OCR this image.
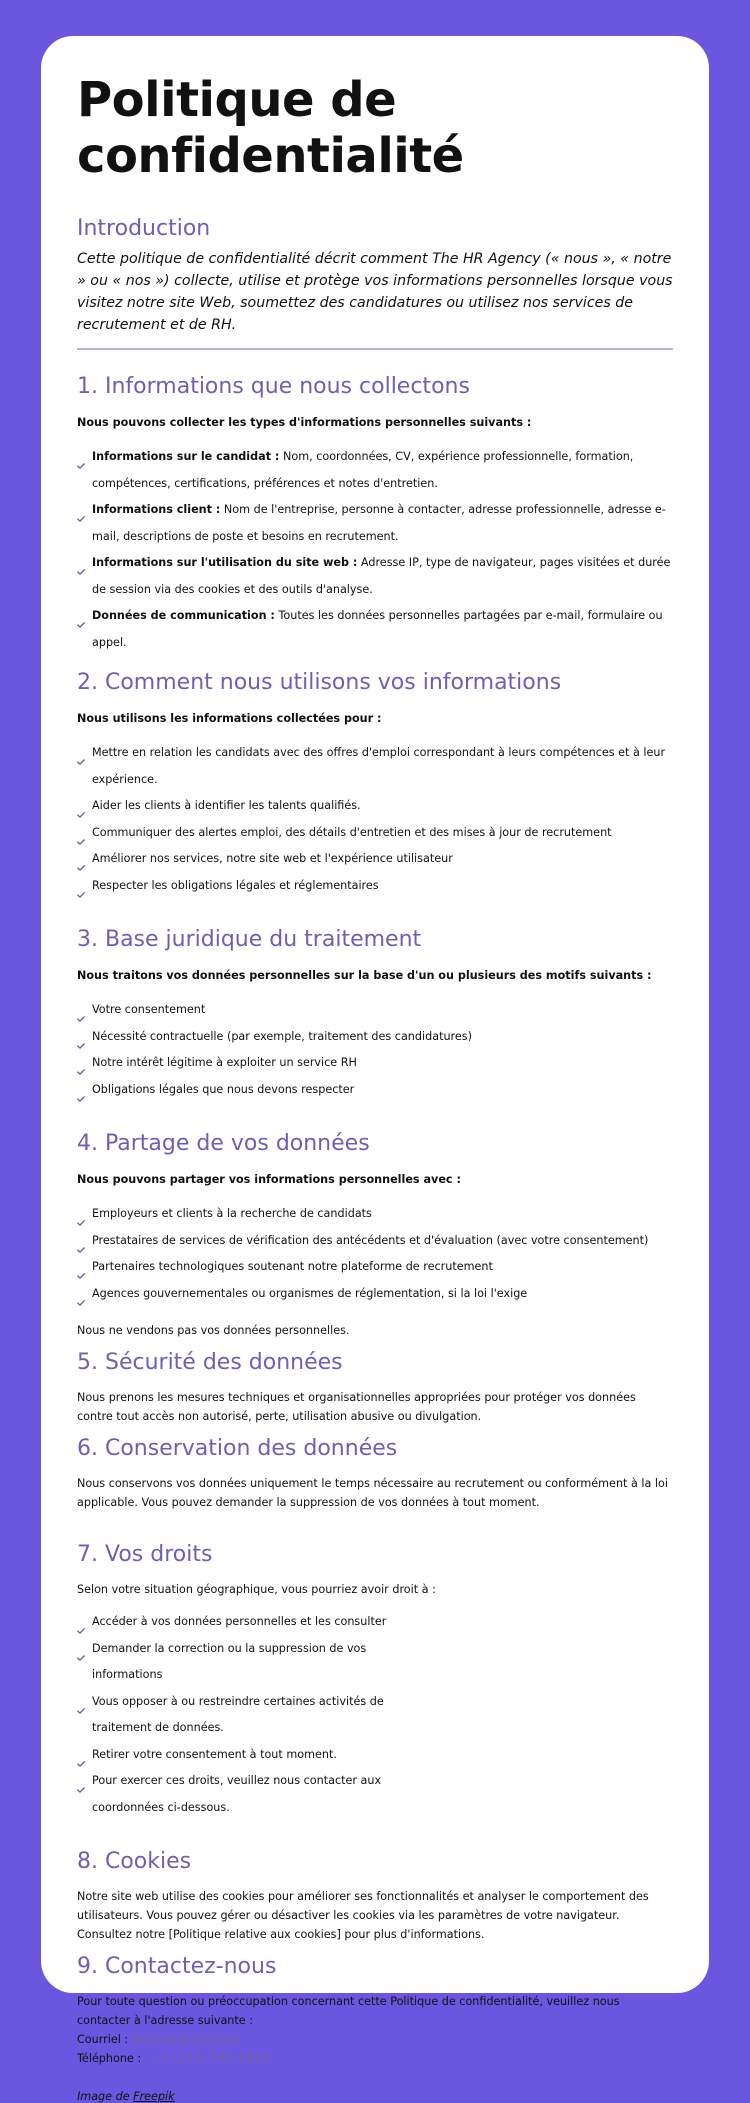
Politique de confidentialité
Introduction

Cette politique de confidentialité décrit comment The HR Agency (« nous », « notre » ou « nos ») collecte, utilise et protège vos informations personnelles lorsque vous visitez notre site Web, soumettez des candidatures ou utilisez nos services de recrutement et de RH.

1. Informations que nous collectons

Nous pouvons collecter les types d'informations personnelles suivants :

Informations sur le candidat : Nom, coordonnées, CV, expérience professionnelle, formation, compétences, certifications, préférences et notes d'entretien.
Informations client : Nom de l'entreprise, personne à contacter, adresse professionnelle, adresse e-mail, descriptions de poste et besoins en recrutement.
Informations sur l'utilisation du site web : Adresse IP, type de navigateur, pages visitées et durée de session via des cookies et des outils d'analyse.
Données de communication : Toutes les données personnelles partagées par e-mail, formulaire ou appel.
2. Comment nous utilisons vos informations

Nous utilisons les informations collectées pour :

Mettre en relation les candidats avec des offres d'emploi correspondant à leurs compétences et à leur expérience.
Aider les clients à identifier les talents qualifiés.
Communiquer des alertes emploi, des détails d'entretien et des mises à jour de recrutement
Améliorer nos services, notre site web et l'expérience utilisateur
Respecter les obligations légales et réglementaires
3. Base juridique du traitement

Nous traitons vos données personnelles sur la base d'un ou plusieurs des motifs suivants :

Votre consentement
Nécessité contractuelle (par exemple, traitement des candidatures)
Notre intérêt légitime à exploiter un service RH
Obligations légales que nous devons respecter
4. Partage de vos données

Nous pouvons partager vos informations personnelles avec :

Employeurs et clients à la recherche de candidats
Prestataires de services de vérification des antécédents et d'évaluation (avec votre consentement)
Partenaires technologiques soutenant notre plateforme de recrutement
Agences gouvernementales ou organismes de réglementation, si la loi l'exige

Nous ne vendons pas vos données personnelles.

5. Sécurité des données

Nous prenons les mesures techniques et organisationnelles appropriées pour protéger vos données contre tout accès non autorisé, perte, utilisation abusive ou divulgation.

6. Conservation des données

Nous conservons vos données uniquement le temps nécessaire au recrutement ou conformément à la loi applicable. Vous pouvez demander la suppression de vos données à tout moment.

7. Vos droits

Selon votre situation géographique, vous pourriez avoir droit à :

Accéder à vos données personnelles et les consulter
Demander la correction ou la suppression de vos informations
Vous opposer à ou restreindre certaines activités de traitement de données.
Retirer votre consentement à tout moment.
Pour exercer ces droits, veuillez nous contacter aux coordonnées ci-dessous.
8. Cookies

Notre site web utilise des cookies pour améliorer ses fonctionnalités et analyser le comportement des utilisateurs. Vous pouvez gérer ou désactiver les cookies via les paramètres de votre navigateur. Consultez notre [Politique relative aux cookies] pour plus d'informations.

9. Contactez-nous

Pour toute question ou préoccupation concernant cette Politique de confidentialité, veuillez nous contacter à l'adresse suivante :

Courriel : hi@company.com

Téléphone :   +1 (234) 567-8910

Image de Freepik
